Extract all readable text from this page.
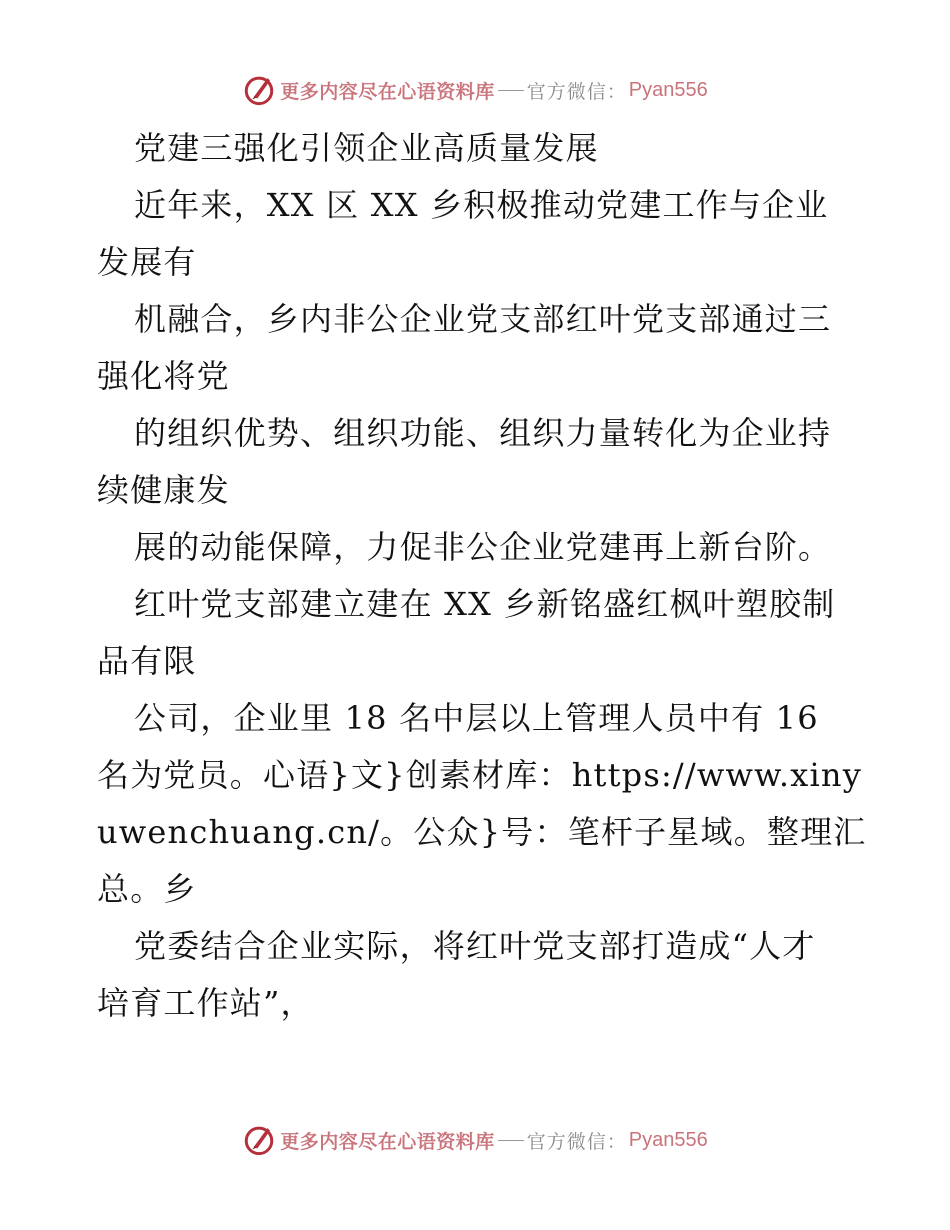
更多内容尽在心语资料库 官方微信： Pyan556
党建三强化引领企业高质量发展
近年来，XX 区 XX 乡积极推动党建工作与企业
发展有
机融合，乡内非公企业党支部红叶党支部通过三
强化将党
的组织优势、组织功能、组织力量转化为企业持
续健康发
展的动能保障，力促非公企业党建再上新台阶。
红叶党支部建立建在 XX 乡新铭盛红枫叶塑胶制
品有限
公司，企业里 18 名中层以上管理人员中有 16
名为党员。心语}文}创素材库：https://www.xiny
uwenchuang.cn/。公众}号：笔杆子星域。整理汇
总。乡
党委结合企业实际，将红叶党支部打造成“人才
培育工作站”，
更多内容尽在心语资料库 官方微信： Pyan556
